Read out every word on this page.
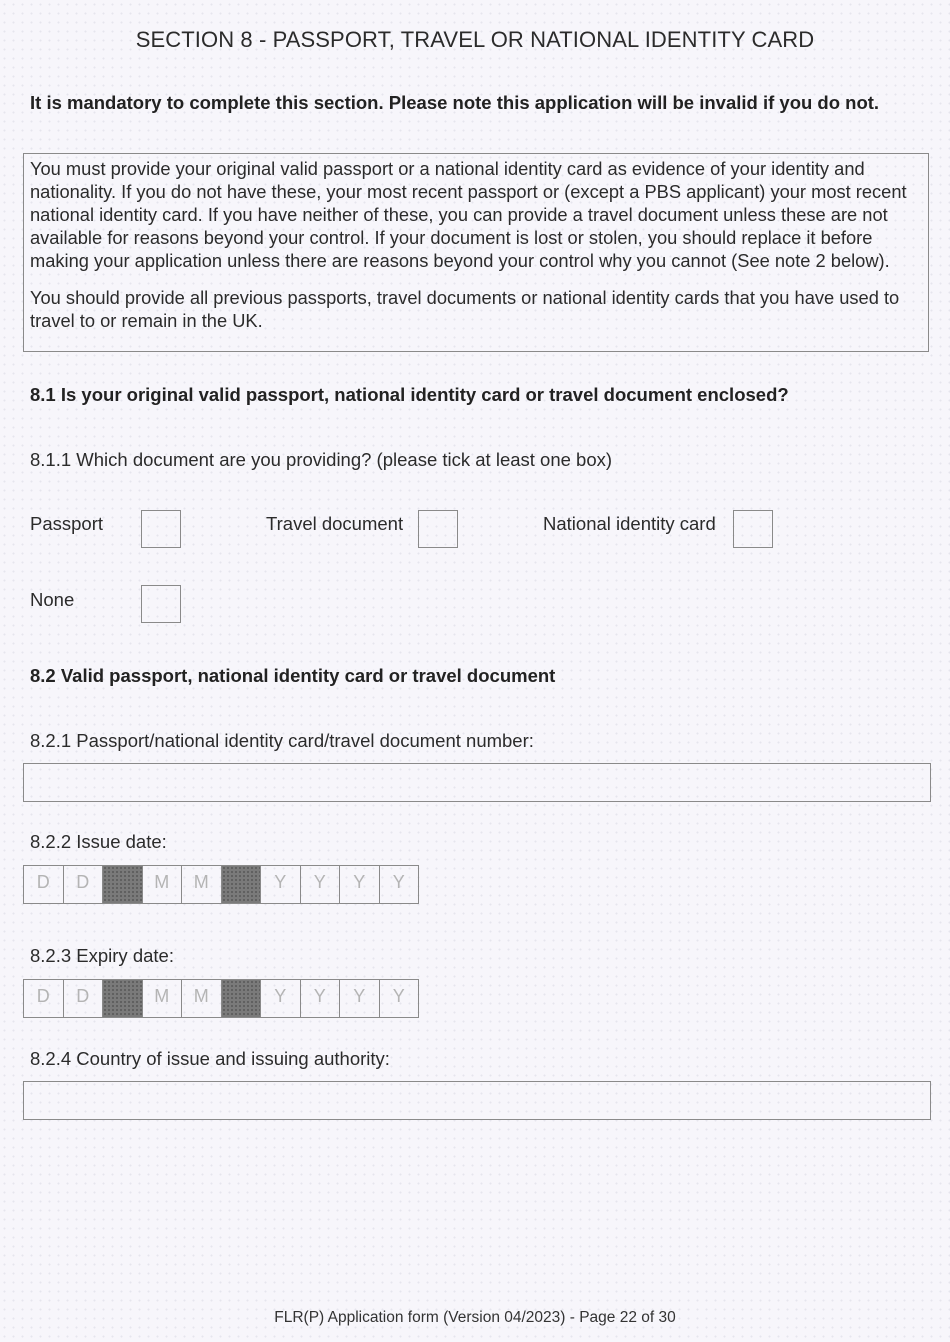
SECTION 8 - PASSPORT, TRAVEL OR NATIONAL IDENTITY CARD
It is mandatory to complete this section. Please note this application will be invalid if you do not.

You must provide your original valid passport or a national identity card as evidence of your identity and nationality. If you do not have these, your most recent passport or (except a PBS applicant) your most recent national identity card. If you have neither of these, you can provide a travel document unless these are not available for reasons beyond your control. If your document is lost or stolen, you should replace it before making your application unless there are reasons beyond your control why you cannot (See note 2 below).

You should provide all previous passports, travel documents or national identity cards that you have used to travel to or remain in the UK.

8.1 Is your original valid passport, national identity card or travel document enclosed?
8.1.1 Which document are you providing? (please tick at least one box)
Passport	Travel document	National identity card
None
8.2 Valid passport, national identity card or travel document
8.2.1 Passport/national identity card/travel document number:
8.2.2 Issue date:
D	D	M	M	Y	Y	Y	Y
8.2.3 Expiry date:
D	D	M	M	Y	Y	Y	Y
8.2.4 Country of issue and issuing authority:
FLR(P) Application form (Version 04/2023) - Page 22 of 30
